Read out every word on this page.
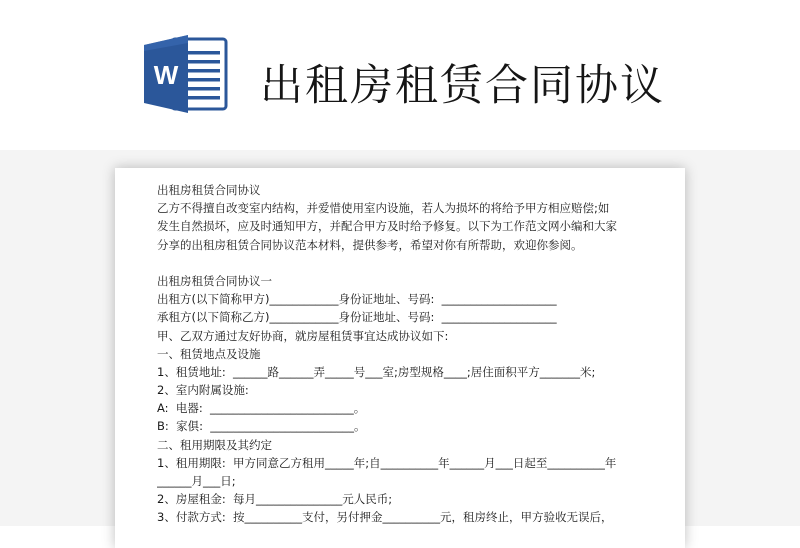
W 出租房租赁合同协议
出租房租赁合同协议
乙方不得擅自改变室内结构，并爱惜使用室内设施，若人为损坏的将给予甲方相应赔偿;如
发生自然损坏，应及时通知甲方，并配合甲方及时给予修复。以下为工作范文网小编和大家
分享的出租房租赁合同协议范本材料，提供参考，希望对你有所帮助，欢迎你参阅。
出租房租赁合同协议一
出租方(以下简称甲方)____________身份证地址、号码:  ____________________
承租方(以下简称乙方)____________身份证地址、号码:  ____________________
甲、乙双方通过友好协商，就房屋租赁事宜达成协议如下:
一、租赁地点及设施
1、租赁地址:  ______路______弄_____号___室;房型规格____;居住面积平方_______米;
2、室内附属设施:
A:  电器:  _________________________。
B:  家俱:  _________________________。
二、租用期限及其约定
1、租用期限:  甲方同意乙方租用_____年;自__________年______月___日起至__________年
______月___日;
2、房屋租金:  每月_______________元人民币;
3、付款方式:  按__________支付，另付押金__________元，租房终止，甲方验收无误后，
